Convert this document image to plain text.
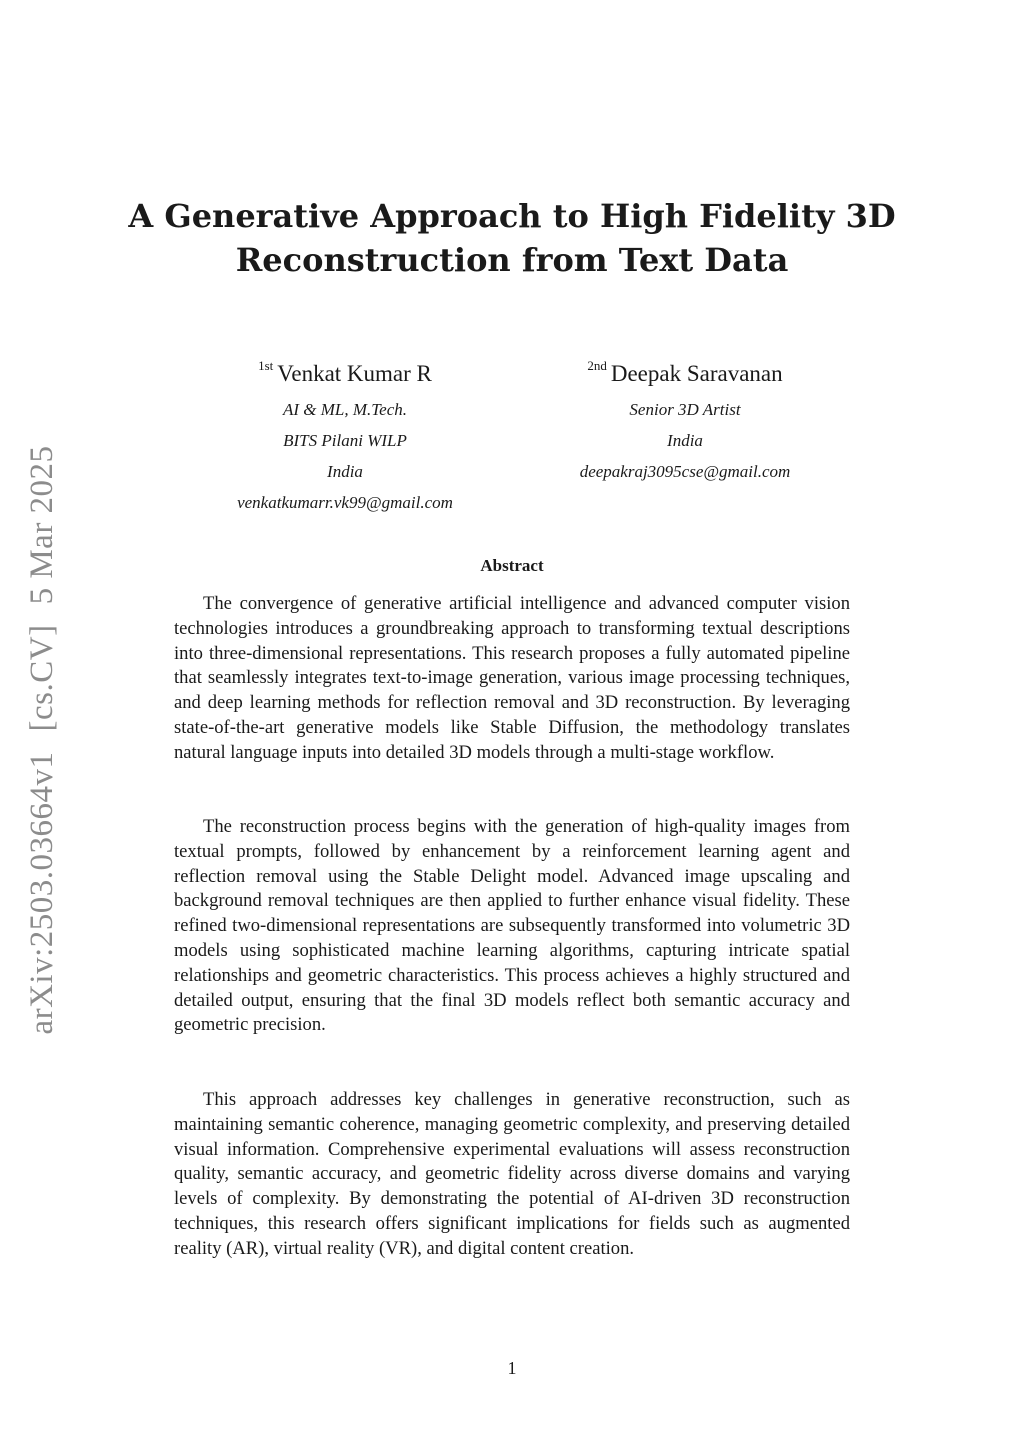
arXiv:2503.03664v1
[cs.CV]
5 Mar 2025
A Generative Approach to High Fidelity 3D
Reconstruction from Text Data
$^{1st}$ Venkat Kumar R
AI & ML, M.Tech.
BITS Pilani WILP
India
venkatkumarr.vk99@gmail.com
$^{2nd}$ Deepak Saravanan
Senior 3D Artist
India
deepakraj3095cse@gmail.com
Abstract

The convergence of generative artificial intelligence and advanced computer vision technologies introduces a groundbreaking approach to transforming textual descriptions into three-dimensional representations. This research proposes a fully automated pipeline that seamlessly integrates text-to-image generation, various image processing techniques, and deep learning methods for reflection removal and 3D reconstruction. By leveraging state-of-the-art generative models like Stable Diffusion, the methodology translates natural language inputs into detailed 3D models through a multi-stage workflow.

The reconstruction process begins with the generation of high-quality images from textual prompts, followed by enhancement by a reinforcement learning agent and reflection removal using the Stable Delight model. Advanced image upscaling and background removal techniques are then applied to further enhance visual fidelity. These refined two-dimensional representations are subsequently transformed into volumetric 3D models using sophisticated machine learning algorithms, capturing intricate spatial relationships and geometric characteristics. This process achieves a highly structured and detailed output, ensuring that the final 3D models reflect both semantic accuracy and geometric precision.

This approach addresses key challenges in generative reconstruction, such as maintaining semantic coherence, managing geometric complexity, and preserving detailed visual information. Comprehensive experimental evaluations will assess reconstruction quality, semantic accuracy, and geometric fidelity across diverse domains and varying levels of complexity. By demonstrating the potential of AI-driven 3D reconstruction techniques, this research offers significant implications for fields such as augmented reality (AR), virtual reality (VR), and digital content creation.

1
